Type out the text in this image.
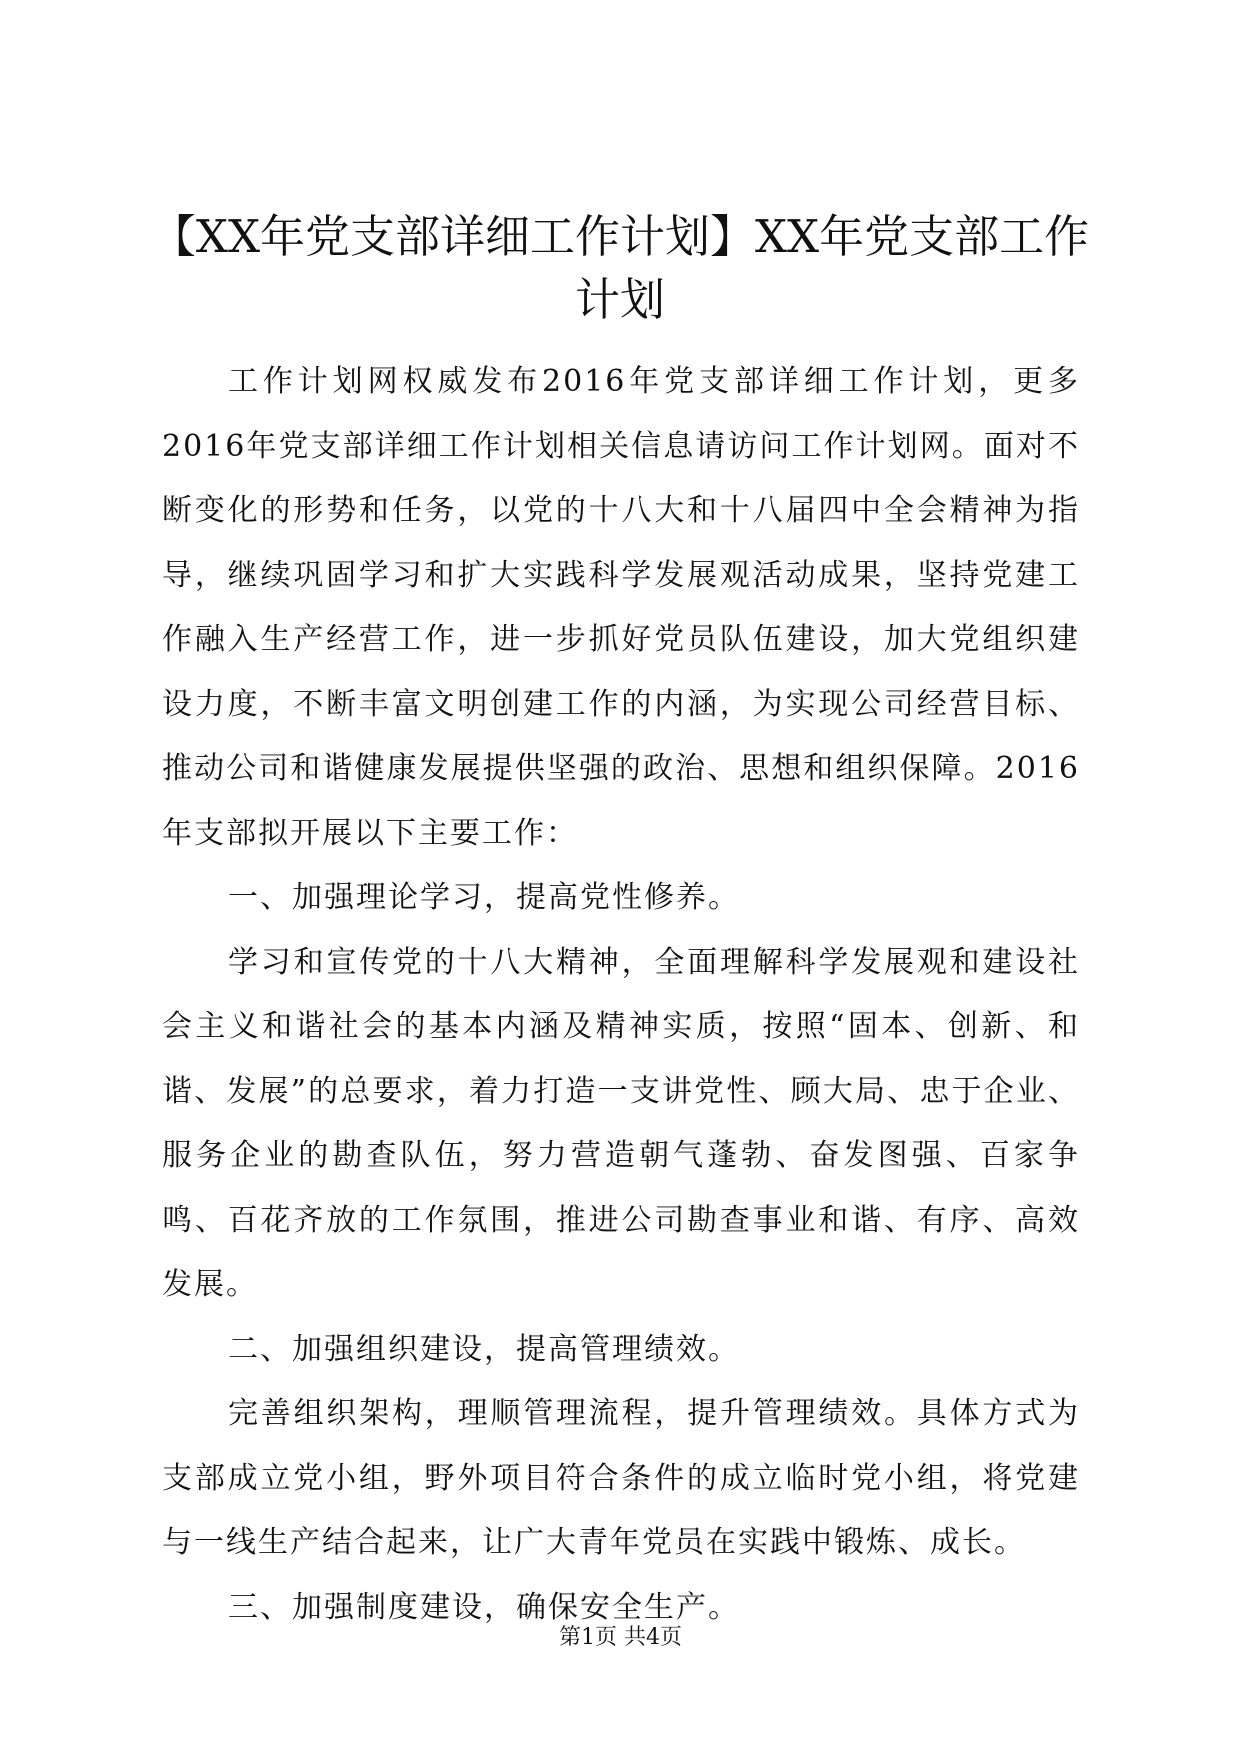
【XX年党支部详细工作计划】XX年党支部工作计划

工作计划网权威发布2016年党支部详细工作计划，更多2016年党支部详细工作计划相关信息请访问工作计划网。面对不断变化的形势和任务，以党的十八大和十八届四中全会精神为指导，继续巩固学习和扩大实践科学发展观活动成果，坚持党建工作融入生产经营工作，进一步抓好党员队伍建设，加大党组织建设力度，不断丰富文明创建工作的内涵，为实现公司经营目标、推动公司和谐健康发展提供坚强的政治、思想和组织保障。2016年支部拟开展以下主要工作：

一、加强理论学习，提高党性修养。

学习和宣传党的十八大精神，全面理解科学发展观和建设社会主义和谐社会的基本内涵及精神实质，按照“固本、创新、和谐、发展”的总要求，着力打造一支讲党性、顾大局、忠于企业、服务企业的勘查队伍，努力营造朝气蓬勃、奋发图强、百家争鸣、百花齐放的工作氛围，推进公司勘查事业和谐、有序、高效发展。

二、加强组织建设，提高管理绩效。

完善组织架构，理顺管理流程，提升管理绩效。具体方式为支部成立党小组，野外项目符合条件的成立临时党小组，将党建与一线生产结合起来，让广大青年党员在实践中锻炼、成长。

三、加强制度建设，确保安全生产。

第1页 共4页
